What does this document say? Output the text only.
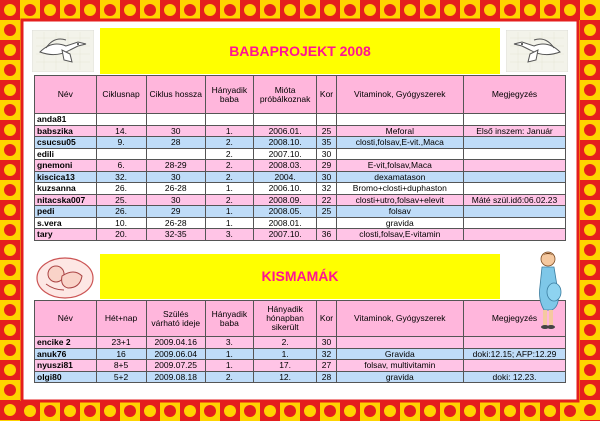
BABAPROJEKT 2008
Név	Ciklusnap	Ciklus hossza	Hányadik baba	Mióta próbálkoznak	Kor	Vitaminok, Gyógyszerek	Megjegyzés
anda81							
babszika	14.	30	1.	2006.01.	25	Meforal	Első inszem: Január
csucsu05	9.	28	2.	2008.10.	35	closti,folsav,E-vit.,Maca	
edili			2.	2007.10.	30		
gnemoni	6.	28-29	2.	2008.03.	29	E-vit,folsav,Maca	
kiscica13	32.	30	2.	2004.	30	dexamatason	
kuzsanna	26.	26-28	1.	2006.10.	32	Bromo+closti+duphaston	
nitacska007	25.	30	2.	2008.09.	22	closti+utro,folsav+elevit	Máté szül.idő:06.02.23
pedi	26.	29	1.	2008.05.	25	folsav	
s.vera	10.	26-28	1.	2008.01.		gravida	
tary	20.	32-35	3.	2007.10.	36	closti,folsav,E-vitamin	
KISMAMÁK
Név	Hét+nap	Szülés várható ideje	Hányadik baba	Hányadik hónapban sikerült	Kor	Vitaminok, Gyógyszerek	Megjegyzés
encike 2	23+1	2009.04.16	3.	2.	30		
anuk76	16	2009.06.04	1.	1.	32	Gravida	doki:12.15; AFP:12.29
nyuszi81	8+5	2009.07.25	1.	17.	27	folsav, multivitamin	
olgi80	5+2	2009.08.18	2.	12.	28	gravida	doki: 12.23.
